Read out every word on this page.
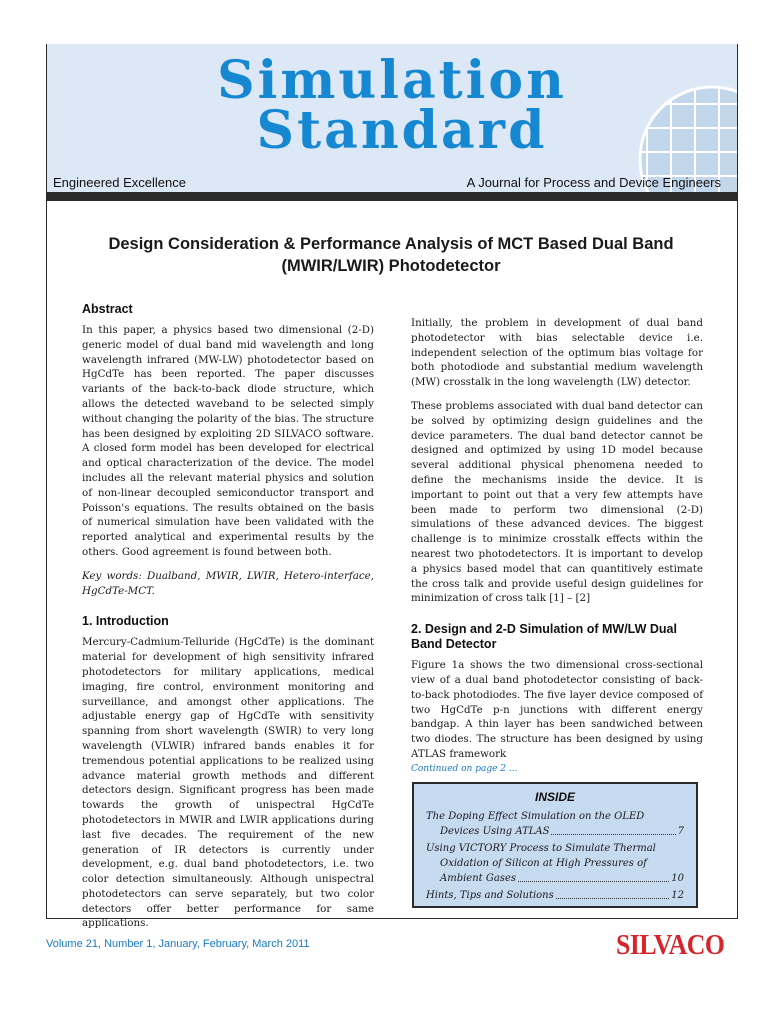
Simulation
Standard
Engineered Excellence	A Journal for Process and Device Engineers
Design Consideration & Performance Analysis of MCT Based Dual Band (MWIR/LWIR) Photodetector
Abstract

In this paper, a physics based two dimensional (2-D) generic model of dual band mid wavelength and long wavelength infrared (MW-LW) photodetector based on HgCdTe has been reported. The paper discusses variants of the back-to-back diode structure, which allows the detected waveband to be selected simply without changing the polarity of the bias. The structure has been designed by exploiting 2D SILVACO software. A closed form model has been developed for electrical and optical characterization of the device. The model includes all the relevant material physics and solution of non-linear decoupled semiconductor transport and Poisson's equations. The results obtained on the basis of numerical simulation have been validated with the reported analytical and experimental results by the others. Good agreement is found between both.

Key words: Dualband, MWIR, LWIR, Hetero-interface, HgCdTe-MCT.

1. Introduction

Mercury-Cadmium-Telluride (HgCdTe) is the dominant material for development of high sensitivity infrared photodetectors for military applications, medical imaging, fire control, environment monitoring and surveillance, and amongst other applications. The adjustable energy gap of HgCdTe with sensitivity spanning from short wavelength (SWIR) to very long wavelength (VLWIR) infrared bands enables it for tremendous potential applications to be realized using advance material growth methods and different detectors design. Significant progress has been made towards the growth of unispectral HgCdTe photodetectors in MWIR and LWIR applications during last five decades. The requirement of the new generation of IR detectors is currently under development, e.g. dual band photodetectors, i.e. two color detection simultaneously. Although unispectral photodetectors can serve separately, but two color detectors offer better performance for same applications.

Initially, the problem in development of dual band photodetector with bias selectable device i.e. independent selection of the optimum bias voltage for both photodiode and substantial medium wavelength (MW) crosstalk in the long wavelength (LW) detector.

These problems associated with dual band detector can be solved by optimizing design guidelines and the device parameters. The dual band detector cannot be designed and optimized by using 1D model because several additional physical phenomena needed to define the mechanisms inside the device. It is important to point out that a very few attempts have been made to perform two dimensional (2-D) simulations of these advanced devices. The biggest challenge is to minimize crosstalk effects within the nearest two photodetectors. It is important to develop a physics based model that can quantitively estimate the cross talk and provide useful design guidelines for minimization of cross talk [1] – [2]

2. Design and 2-D Simulation of MW/LW Dual Band Detector

Figure 1a shows the two dimensional cross-sectional view of a dual band photodetector consisting of back-to-back photodiodes. The five layer device composed of two HgCdTe p-n junctions with different energy bandgap. A thin layer has been sandwiched between two diodes. The structure has been designed by using ATLAS framework

Continued on page 2 ...
INSIDE
The Doping Effect Simulation on the OLED
Devices Using ATLAS	7
Using VICTORY Process to Simulate Thermal
Oxidation of Silicon at High Pressures of
Ambient Gases	10
Hints, Tips and Solutions	12
Volume 21, Number 1, January, February, March 2011	SILVACO
